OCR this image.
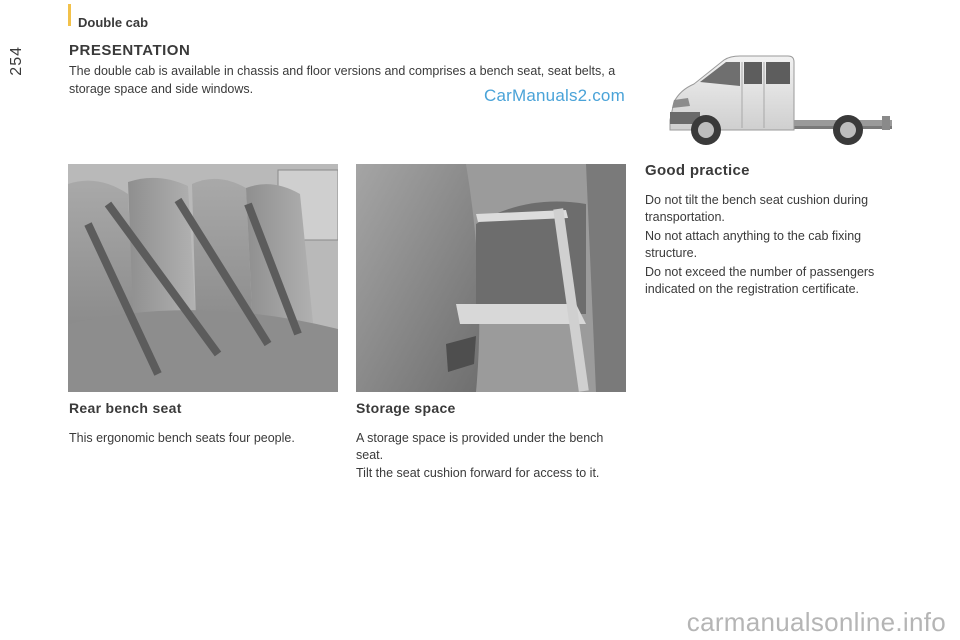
254
Double cab
PRESENTATION
The double cab is available in chassis and floor versions and comprises a bench seat, seat belts, a storage space and side windows.	CarManuals2.com
Rear bench seat
This ergonomic bench seats four people.
Storage space
A storage space is provided under the bench seat.
Tilt the seat cushion forward for access to it.
Good practice
Do not tilt the bench seat cushion during transportation.
No not attach anything to the cab fixing structure.
Do not exceed the number of passengers indicated on the registration certificate.
carmanualsonline.info
